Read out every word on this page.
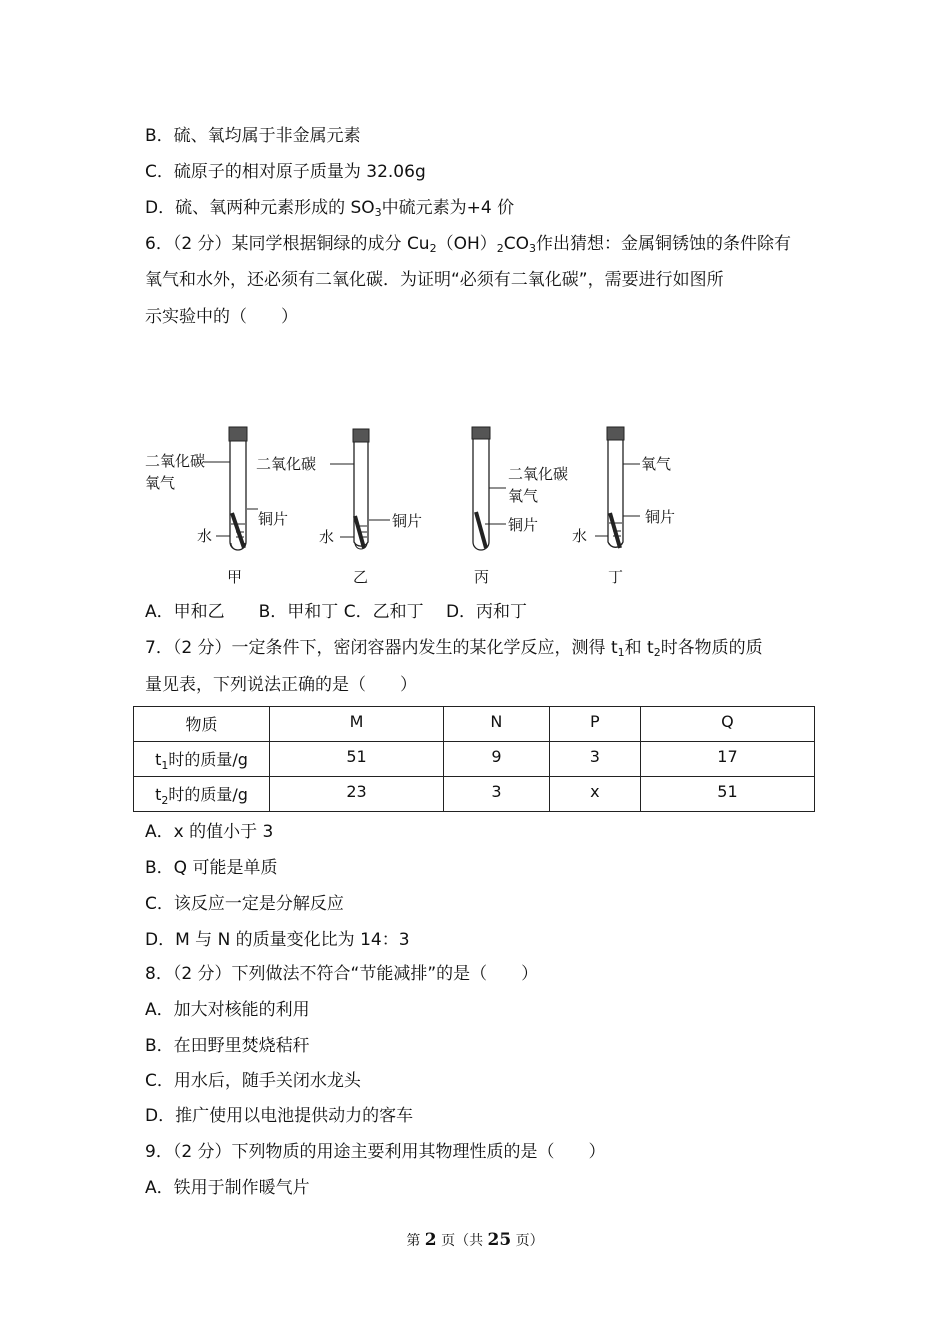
B．硫、氧均属于非金属元素
C．硫原子的相对原子质量为 32.06g
D．硫、氧两种元素形成的 $SO_3$中硫元素为+4 价
6．（2 分）某同学根据铜绿的成分 $Cu_2(OH)_2CO_3$作出猜想：金属铜锈蚀的条件除有
氧气和水外，还必须有二氧化碳．为证明“必须有二氧化碳”，需要进行如图所
示实验中的（　　）
二氧化碳
氧气
铜片
水
甲
二氧化碳
铜片
水
乙
二氧化碳
氧气
铜片
丙
氧气
铜片
水
丁
A．甲和乙　　B．甲和丁 C．乙和丁　 D．丙和丁
7．（2 分）一定条件下，密闭容器内发生的某化学反应，测得 $t_1$和 $t_2$时各物质的质
量见表，下列说法正确的是（　　）
物质	M	N	P	Q
$t_1$时的质量/g	51	9	3	17
$t_2$时的质量/g	23	3	x	51
A．x 的值小于 3
B．Q 可能是单质
C．该反应一定是分解反应
D．M 与 N 的质量变化比为 14：3
8．（2 分）下列做法不符合“节能减排”的是（　　）
A．加大对核能的利用
B．在田野里焚烧秸秆
C．用水后，随手关闭水龙头
D．推广使用以电池提供动力的客车
9．（2 分）下列物质的用途主要利用其物理性质的是（　　）
A．铁用于制作暖气片
第 2 页（共 25 页）
